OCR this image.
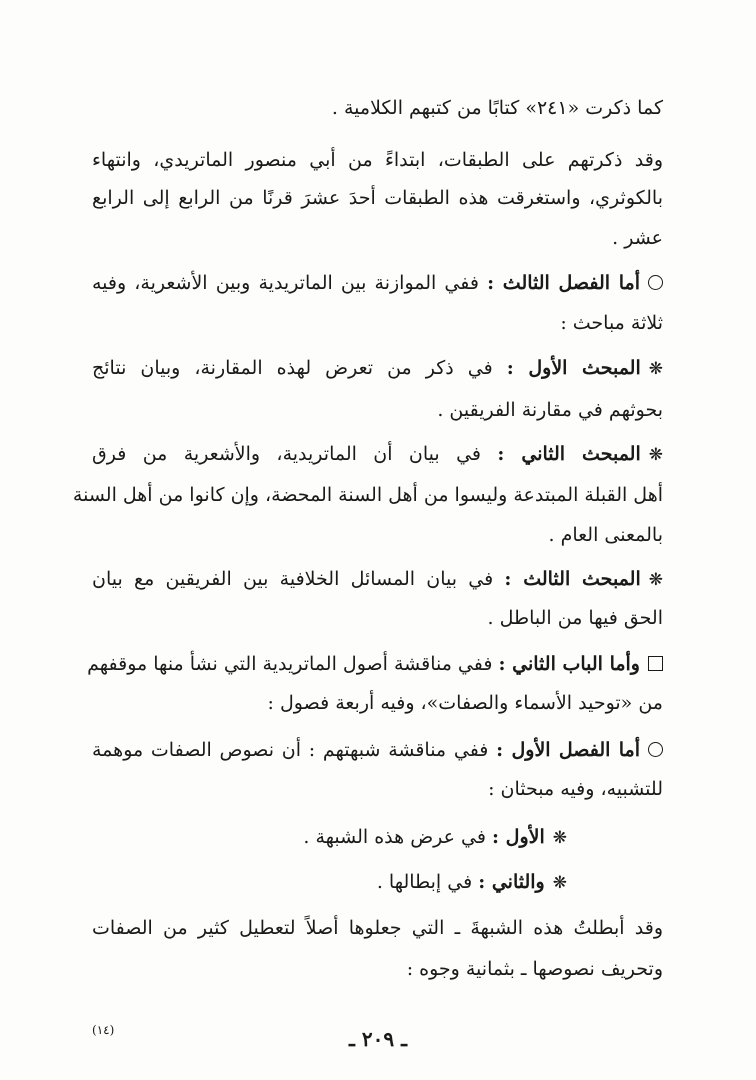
كما ذكرت «٢٤١» كتابًا من كتبهم الكلامية .
وقد ذكرتهم على الطبقات، ابتداءً من أبي منصور الماتريدي، وانتهاء
بالكوثري، واستغرقت هذه الطبقات أحدَ عشرَ قرنًا من الرابع إلى الرابع
عشر .
أما الفصل الثالث : ففي الموازنة بين الماتريدية وبين الأشعرية، وفيه
ثلاثة مباحث :
❋المبحث الأول : في ذكر من تعرض لهذه المقارنة، وبيان نتائج
بحوثهم في مقارنة الفريقين .
❋المبحث الثاني : في بيان أن الماتريدية، والأشعرية من فرق
أهل القبلة المبتدعة وليسوا من أهل السنة المحضة، وإن كانوا من أهل السنة
بالمعنى العام .
❋المبحث الثالث : في بيان المسائل الخلافية بين الفريقين مع بيان
الحق فيها من الباطل .
وأما الباب الثاني : ففي مناقشة أصول الماتريدية التي نشأ منها موقفهم
من «توحيد الأسماء والصفات»، وفيه أربعة فصول :
أما الفصل الأول : ففي مناقشة شبهتهم : أن نصوص الصفات موهمة
للتشبيه، وفيه مبحثان :
❋الأول : في عرض هذه الشبهة .
❋والثاني : في إبطالها .
وقد أبطلتُ هذه الشبهةَ ـ التي جعلوها أصلاً لتعطيل كثير من الصفات
وتحريف نصوصها ـ بثمانية وجوه :
(١٤)	ـ ٢٠٩ ـ
